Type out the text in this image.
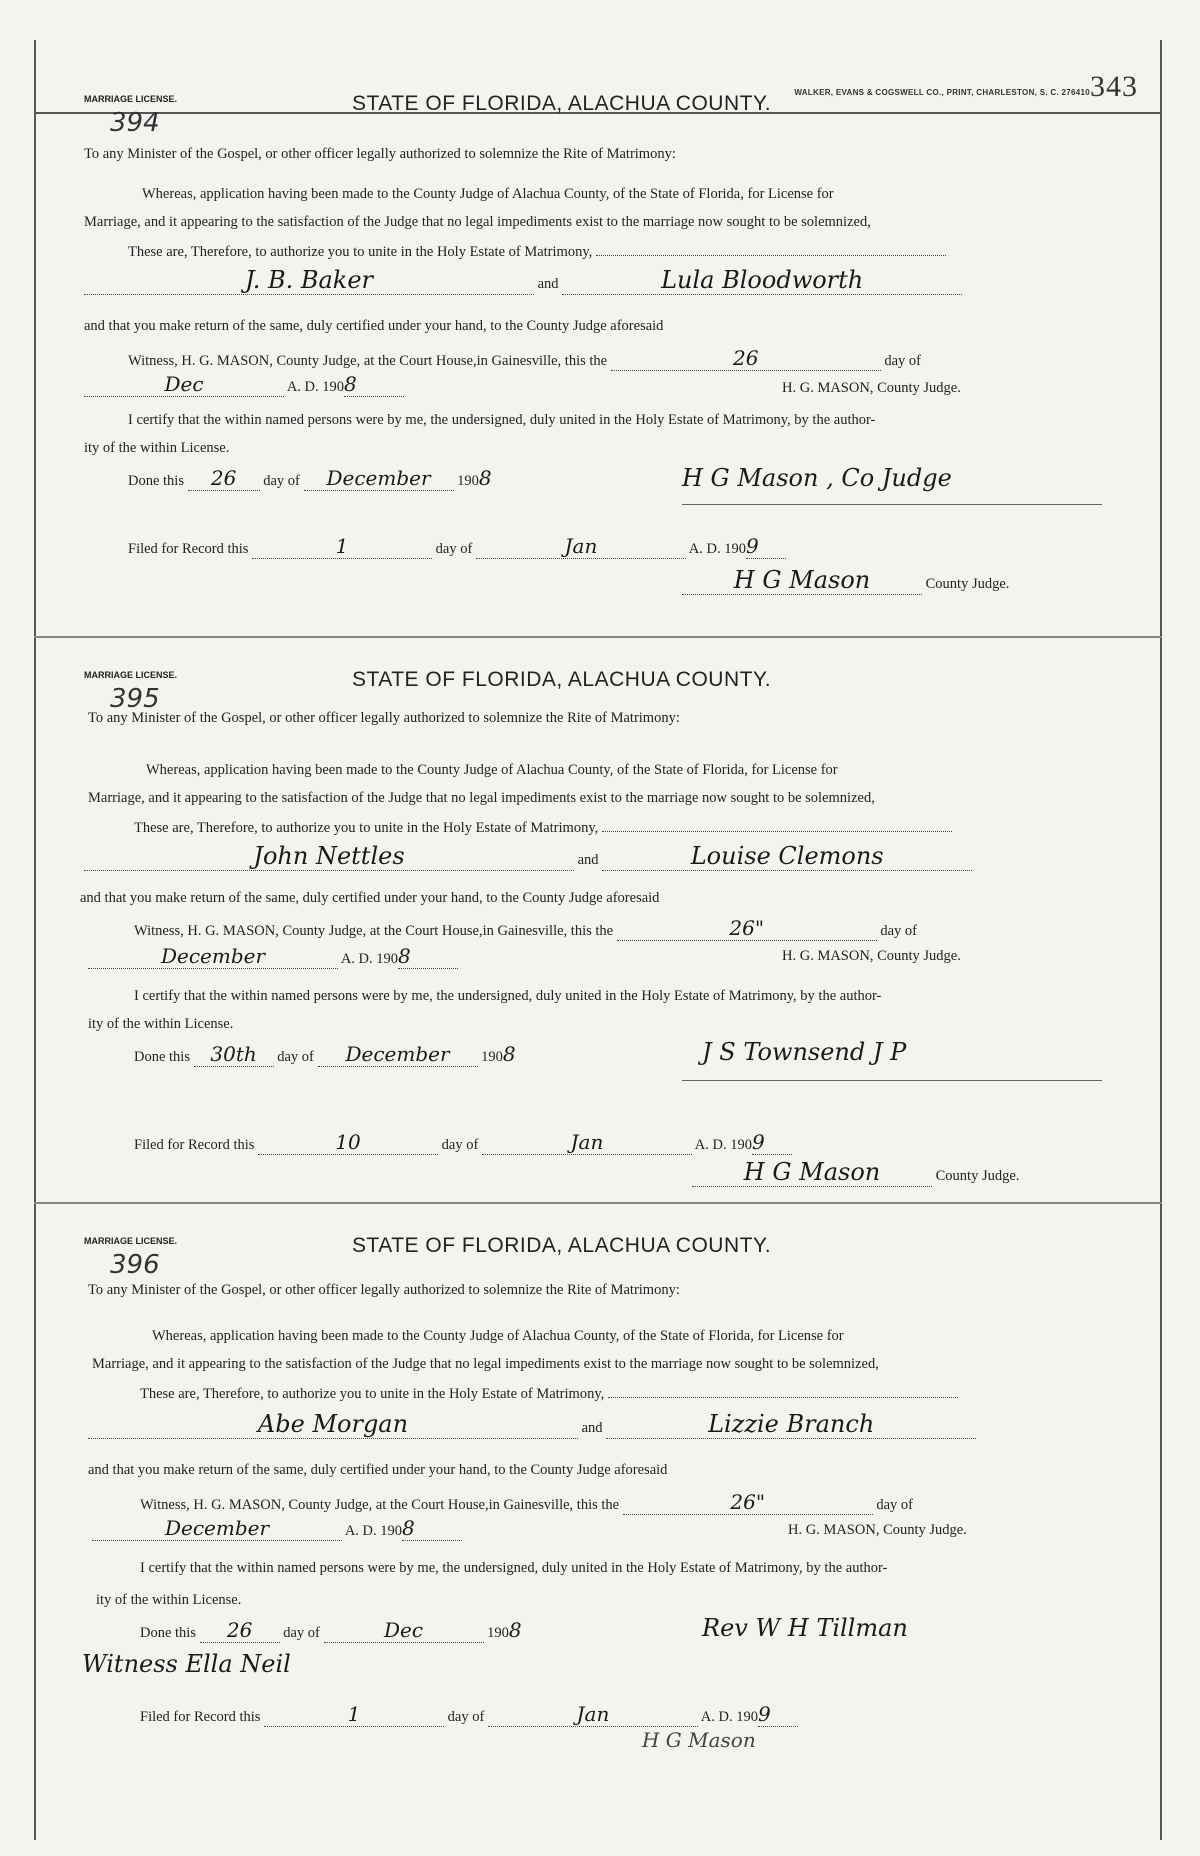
WALKER, EVANS & COGSWELL CO., PRINT, CHARLESTON, S. C. 276410 343
MARRIAGE LICENSE.
394
STATE OF FLORIDA, ALACHUA COUNTY.
To any Minister of the Gospel, or other officer legally authorized to solemnize the Rite of Matrimony:
Whereas, application having been made to the County Judge of Alachua County, of the State of Florida, for License for
Marriage, and it appearing to the satisfaction of the Judge that no legal impediments exist to the marriage now sought to be solemnized,
These are, Therefore, to authorize you to unite in the Holy Estate of Matrimony,
J. B. Baker	and	Lula Bloodworth
and that you make return of the same, duly certified under your hand, to the County Judge aforesaid
Witness, H. G. MASON, County Judge, at the Court House,in Gainesville, this the	26	day of
Dec	A. D. 1908	H. G. MASON, County Judge.
I certify that the within named persons were by me, the undersigned, duly united in the Holy Estate of Matrimony, by the author-
ity of the within License.
Done this 26 day of December 1908	H G Mason , Co Judge
Filed for Record this	1	day of	Jan	A. D. 1909
H G Mason	County Judge.
MARRIAGE LICENSE.
395
STATE OF FLORIDA, ALACHUA COUNTY.
To any Minister of the Gospel, or other officer legally authorized to solemnize the Rite of Matrimony:
Whereas, application having been made to the County Judge of Alachua County, of the State of Florida, for License for
Marriage, and it appearing to the satisfaction of the Judge that no legal impediments exist to the marriage now sought to be solemnized,
These are, Therefore, to authorize you to unite in the Holy Estate of Matrimony,
John Nettles	and	Louise Clemons
and that you make return of the same, duly certified under your hand, to the County Judge aforesaid
Witness, H. G. MASON, County Judge, at the Court House,in Gainesville, this the	26"	day of
December	A. D. 1908	H. G. MASON, County Judge.
I certify that the within named persons were by me, the undersigned, duly united in the Holy Estate of Matrimony, by the author-
ity of the within License.
Done this 30th day of December 1908	J S Townsend J P
Filed for Record this	10	day of	Jan	A. D. 1909
H G Mason	County Judge.
MARRIAGE LICENSE.
396
STATE OF FLORIDA, ALACHUA COUNTY.
To any Minister of the Gospel, or other officer legally authorized to solemnize the Rite of Matrimony:
Whereas, application having been made to the County Judge of Alachua County, of the State of Florida, for License for
Marriage, and it appearing to the satisfaction of the Judge that no legal impediments exist to the marriage now sought to be solemnized,
These are, Therefore, to authorize you to unite in the Holy Estate of Matrimony,
Abe Morgan	and	Lizzie Branch
and that you make return of the same, duly certified under your hand, to the County Judge aforesaid
Witness, H. G. MASON, County Judge, at the Court House,in Gainesville, this the	26"	day of
December	A. D. 1908	H. G. MASON, County Judge.
I certify that the within named persons were by me, the undersigned, duly united in the Holy Estate of Matrimony, by the author-
ity of the within License.
Done this 26 day of	Dec	1908	Rev W H Tillman
Witness Ella Neil
Filed for Record this	1	day of	Jan	A. D. 1909
H G Mason
